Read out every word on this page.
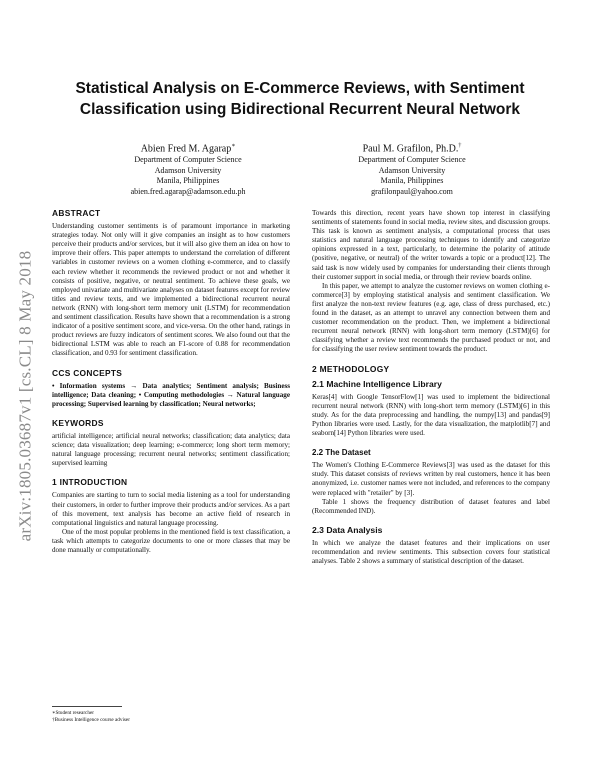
arXiv:1805.03687v1 [cs.CL] 8 May 2018
Statistical Analysis on E-Commerce Reviews, with Sentiment
Classification using Bidirectional Recurrent Neural Network
Abien Fred M. Agarap∗
Department of Computer Science
Adamson University
Manila, Philippines
abien.fred.agarap@adamson.edu.ph
Paul M. Grafilon, Ph.D.†
Department of Computer Science
Adamson University
Manila, Philippines
grafilonpaul@yahoo.com

ABSTRACT

Understanding customer sentiments is of paramount importance in marketing strategies today. Not only will it give companies an insight as to how customers perceive their products and/or services, but it will also give them an idea on how to improve their offers. This paper attempts to understand the correlation of different variables in customer reviews on a women clothing e-commerce, and to classify each review whether it recommends the reviewed product or not and whether it consists of positive, negative, or neutral sentiment. To achieve these goals, we employed univariate and multivariate analyses on dataset features except for review titles and review texts, and we implemented a bidirectional recurrent neural network (RNN) with long-short term memory unit (LSTM) for recommendation and sentiment classification. Results have shown that a recommendation is a strong indicator of a positive sentiment score, and vice-versa. On the other hand, ratings in product reviews are fuzzy indicators of sentiment scores. We also found out that the bidirectional LSTM was able to reach an F1-score of 0.88 for recommendation classification, and 0.93 for sentiment classification.

CCS CONCEPTS

• Information systems → Data analytics; Sentiment analysis; Business intelligence; Data cleaning; • Computing methodologies → Natural language processing; Supervised learning by classification; Neural networks;

KEYWORDS

artificial intelligence; artificial neural networks; classification; data analytics; data science; data visualization; deep learning; e-commerce; long short term memory; natural language processing; recurrent neural networks; sentiment classification; supervised learning

1 INTRODUCTION

Companies are starting to turn to social media listening as a tool for understanding their customers, in order to further improve their products and/or services. As a part of this movement, text analysis has become an active field of research in computational linguistics and natural language processing.

One of the most popular problems in the mentioned field is text classification, a task which attempts to categorize documents to one or more classes that may be done manually or computationally.

∗Student researcher
†Business Intelligence course adviser

Towards this direction, recent years have shown top interest in classifying sentiments of statements found in social media, review sites, and discussion groups. This task is known as sentiment analysis, a computational process that uses statistics and natural language processing techniques to identify and categorize opinions expressed in a text, particularly, to determine the polarity of attitude (positive, negative, or neutral) of the writer towards a topic or a product[12]. The said task is now widely used by companies for understanding their clients through their customer support in social media, or through their review boards online.

In this paper, we attempt to analyze the customer reviews on women clothing e-commerce[3] by employing statistical analysis and sentiment classification. We first analyze the non-text review features (e.g. age, class of dress purchased, etc.) found in the dataset, as an attempt to unravel any connection between them and customer recommendation on the product. Then, we implement a bidirectional recurrent neural network (RNN) with long-short term memory (LSTM)[6] for classifying whether a review text recommends the purchased product or not, and for classifying the user review sentiment towards the product.

2 METHODOLOGY

2.1 Machine Intelligence Library

Keras[4] with Google TensorFlow[1] was used to implement the bidirectional recurrent neural network (RNN) with long-short term memory (LSTM)[6] in this study. As for the data preprocessing and handling, the numpy[13] and pandas[9] Python libraries were used. Lastly, for the data visualization, the matplotlib[7] and seaborn[14] Python libraries were used.

2.2 The Dataset

The Women's Clothing E-Commerce Reviews[3] was used as the dataset for this study. This dataset consists of reviews written by real customers, hence it has been anonymized, i.e. customer names were not included, and references to the company were replaced with "retailer" by [3].

Table 1 shows the frequency distribution of dataset features and label (Recommended IND).

2.3 Data Analysis

In which we analyze the dataset features and their implications on user recommendation and review sentiments. This subsection covers four statistical analyses. Table 2 shows a summary of statistical description of the dataset.
